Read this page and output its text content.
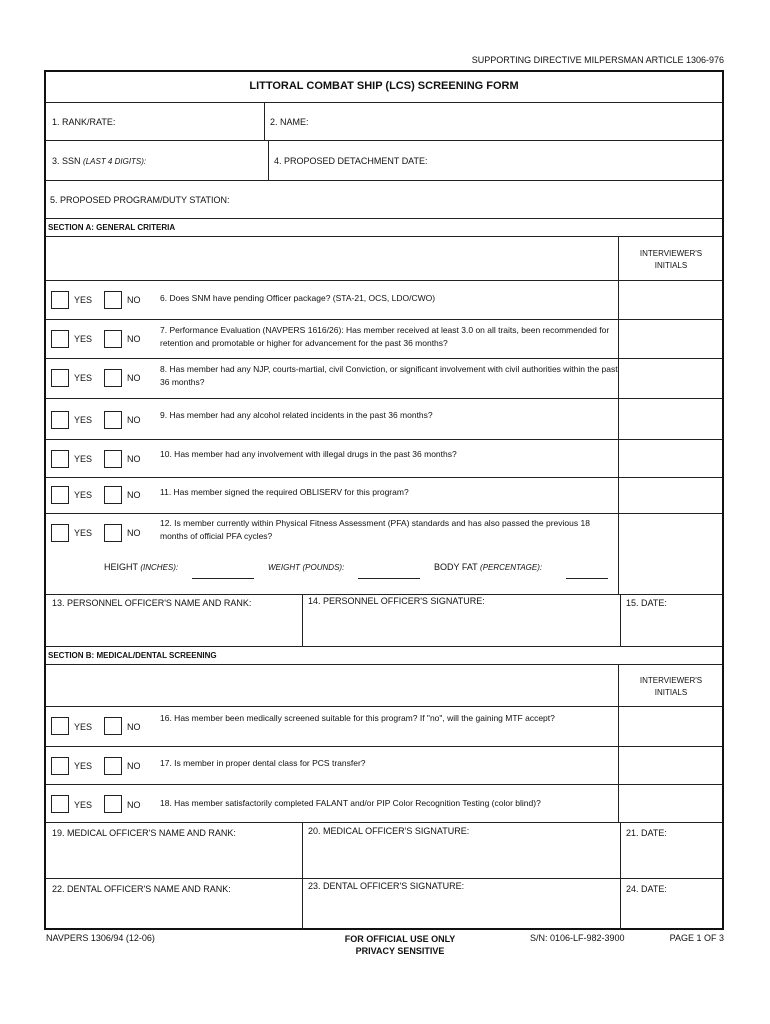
SUPPORTING DIRECTIVE MILPERSMAN ARTICLE 1306-976
LITTORAL COMBAT SHIP (LCS) SCREENING FORM
1. RANK/RATE:	2. NAME:
3. SSN (LAST 4 DIGITS):	4. PROPOSED DETACHMENT DATE:
5. PROPOSED PROGRAM/DUTY STATION:
SECTION A: GENERAL CRITERIA
INTERVIEWER'S
INITIALS
YES	NO 6. Does SNM have pending Officer package? (STA-21, OCS, LDO/CWO)
YES	NO
7. Performance Evaluation (NAVPERS 1616/26): Has member received at least 3.0 on all traits, been recommended for retention and promotable or higher for advancement for the past 36 months?
YES	NO
8. Has member had any NJP, courts-martial, civil Conviction, or significant involvement with civil authorities within the past 36 months?
YES	NO 9. Has member had any alcohol related incidents in the past 36 months?
YES	NO 10. Has member had any involvement with illegal drugs in the past 36 months?
YES	NO 11. Has member signed the required OBLISERV for this program?
YES	NO
12. Is member currently within Physical Fitness Assessment (PFA) standards and has also passed the previous 18 months of official PFA cycles?
HEIGHT (INCHES):	WEIGHT (POUNDS):	BODY FAT (PERCENTAGE):
13. PERSONNEL OFFICER'S NAME AND RANK:	14. PERSONNEL OFFICER'S SIGNATURE:	15. DATE:
SECTION B: MEDICAL/DENTAL SCREENING
INTERVIEWER'S
INITIALS
YES	NO
16. Has member been medically screened suitable for this program? If "no", will the gaining MTF accept?
YES	NO 17. Is member in proper dental class for PCS transfer?
YES	NO 18. Has member satisfactorily completed FALANT and/or PIP Color Recognition Testing (color blind)?
19. MEDICAL OFFICER'S NAME AND RANK:	20. MEDICAL OFFICER'S SIGNATURE:	21. DATE:
22. DENTAL OFFICER'S NAME AND RANK:	23. DENTAL OFFICER'S SIGNATURE:	24. DATE:
NAVPERS 1306/94 (12-06)	FOR OFFICIAL USE ONLY
PRIVACY SENSITIVE
S/N: 0106-LF-982-3900	PAGE 1 OF 3
